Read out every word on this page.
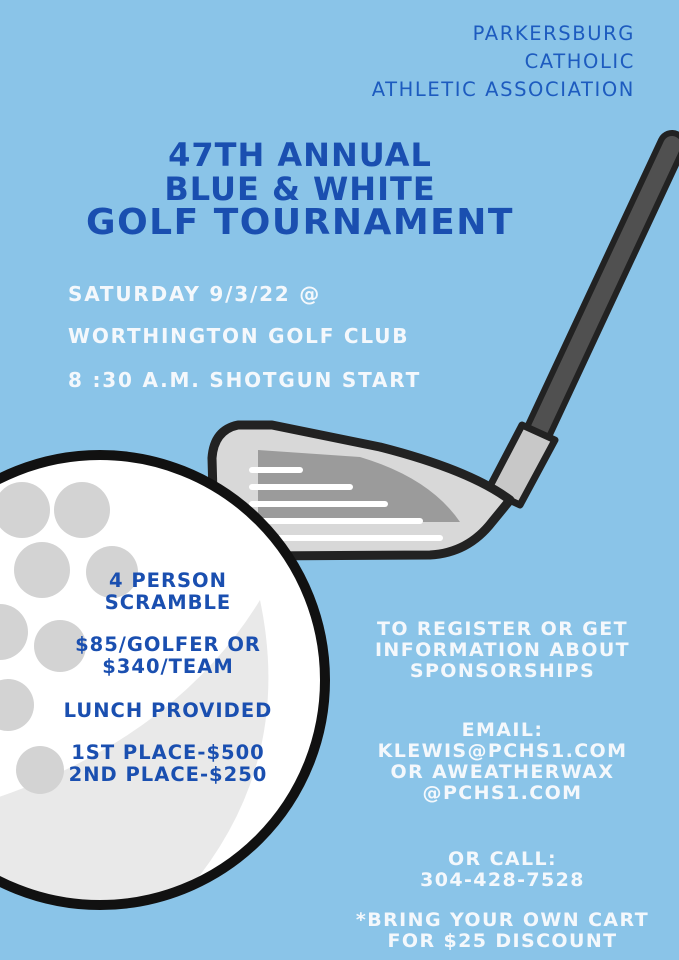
PARKERSBURG
CATHOLIC
ATHLETIC ASSOCIATION
47TH ANNUAL
BLUE & WHITE
GOLF TOURNAMENT
SATURDAY 9/3/22 @
WORTHINGTON GOLF CLUB
8 :30 A.M. SHOTGUN START
4 PERSON
SCRAMBLE
$85/GOLFER OR
$340/TEAM
LUNCH PROVIDED
1ST PLACE-$500
2ND PLACE-$250
TO REGISTER OR GET
INFORMATION ABOUT
SPONSORSHIPS
EMAIL:
KLEWIS@PCHS1.COM
OR AWEATHERWAX
@PCHS1.COM
OR CALL:
304-428-7528
*BRING YOUR OWN CART
FOR $25 DISCOUNT
